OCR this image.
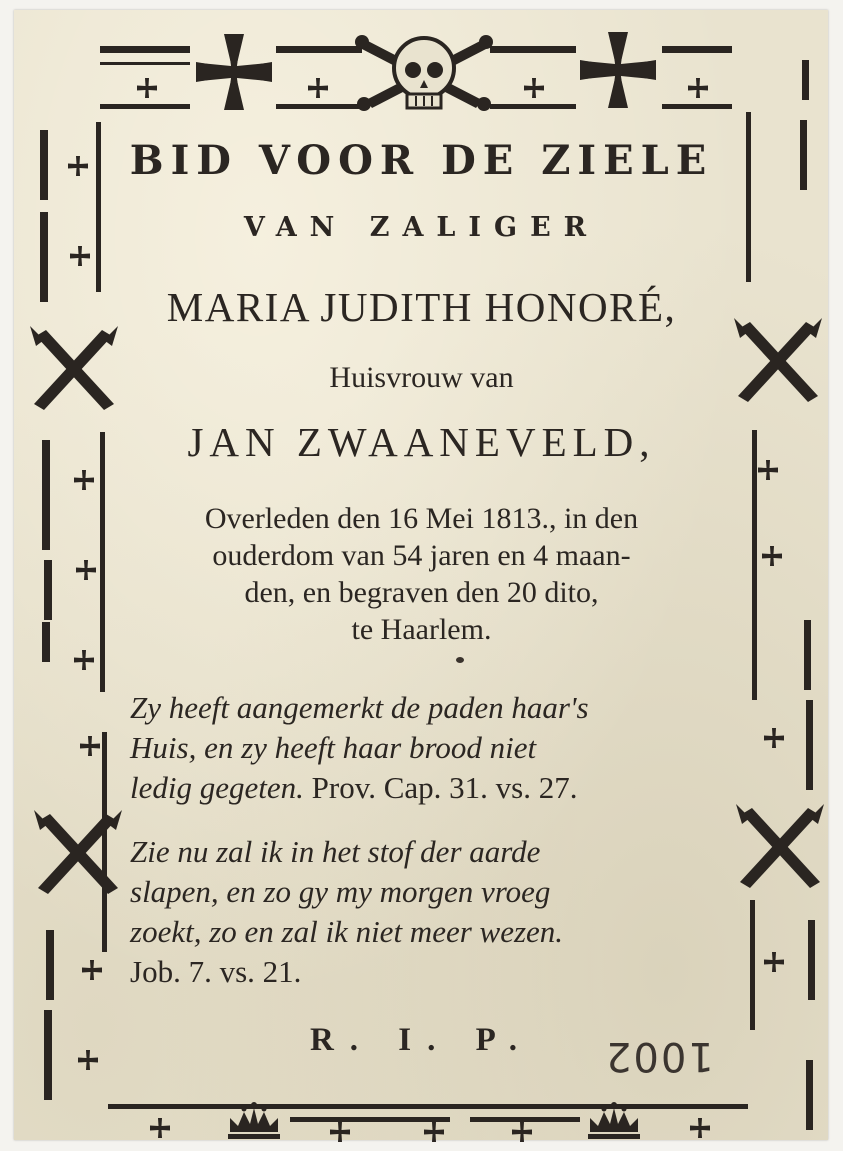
BID VOOR DE ZIELE
VAN ZALIGER
MARIA JUDITH HONORÉ,
Huisvrouw van
JAN ZWAANEVELD,
Overleden den 16 Mei 1813., in den
ouderdom van 54 jaren en 4 maan-
den, en begraven den 20 dito,
te Haarlem.
Zy heeft aangemerkt de paden haar's
Huis, en zy heeft haar brood niet
ledig gegeten. Prov. Cap. 31. vs. 27.
Zie nu zal ik in het stof der aarde
slapen, en zo gy my morgen vroeg
zoekt, zo en zal ik niet meer wezen.
Job. 7. vs. 21.
R. I. P.	1002
